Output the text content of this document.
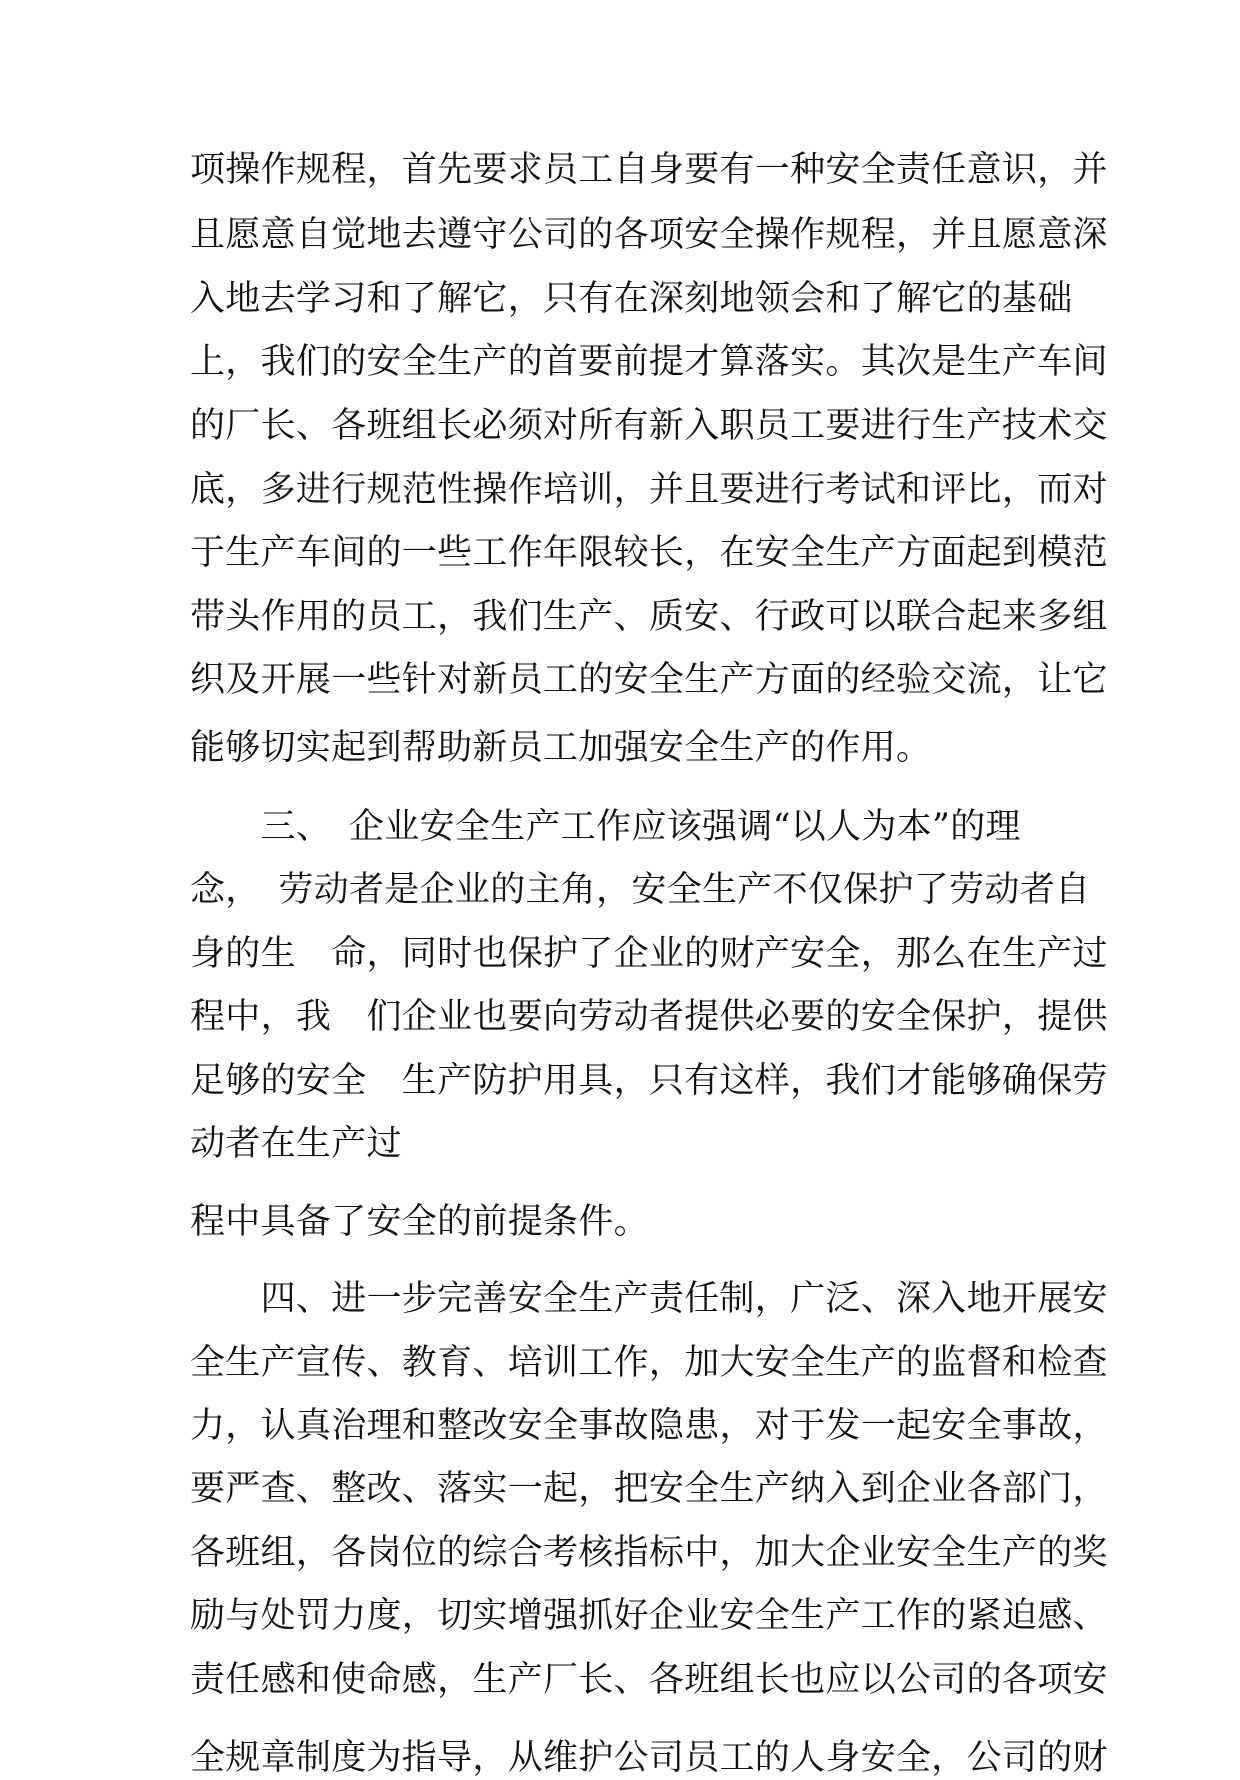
项操作规程，首先要求员工自身要有一种安全责任意识，并
且愿意自觉地去遵守公司的各项安全操作规程，并且愿意深
入地去学习和了解它，只有在深刻地领会和了解它的基础
上，我们的安全生产的首要前提才算落实。其次是生产车间
的厂长、各班组长必须对所有新入职员工要进行生产技术交
底，多进行规范性操作培训，并且要进行考试和评比，而对
于生产车间的一些工作年限较长，在安全生产方面起到模范
带头作用的员工，我们生产、质安、行政可以联合起来多组
织及开展一些针对新员工的安全生产方面的经验交流，让它
能够切实起到帮助新员工加强安全生产的作用。
　　三、　企业安全生产工作应该强调“以人为本”的理
念，　劳动者是企业的主角，安全生产不仅保护了劳动者自
身的生　命，同时也保护了企业的财产安全，那么在生产过
程中，我　们企业也要向劳动者提供必要的安全保护，提供
足够的安全　生产防护用具，只有这样，我们才能够确保劳
动者在生产过
程中具备了安全的前提条件。
　　四、进一步完善安全生产责任制，广泛、深入地开展安
全生产宣传、教育、培训工作，加大安全生产的监督和检查
力，认真治理和整改安全事故隐患，对于发一起安全事故，
要严查、整改、落实一起，把安全生产纳入到企业各部门，
各班组，各岗位的综合考核指标中，加大企业安全生产的奖
励与处罚力度，切实增强抓好企业安全生产工作的紧迫感、
责任感和使命感，生产厂长、各班组长也应以公司的各项安
全规章制度为指导，从维护公司员工的人身安全，公司的财
